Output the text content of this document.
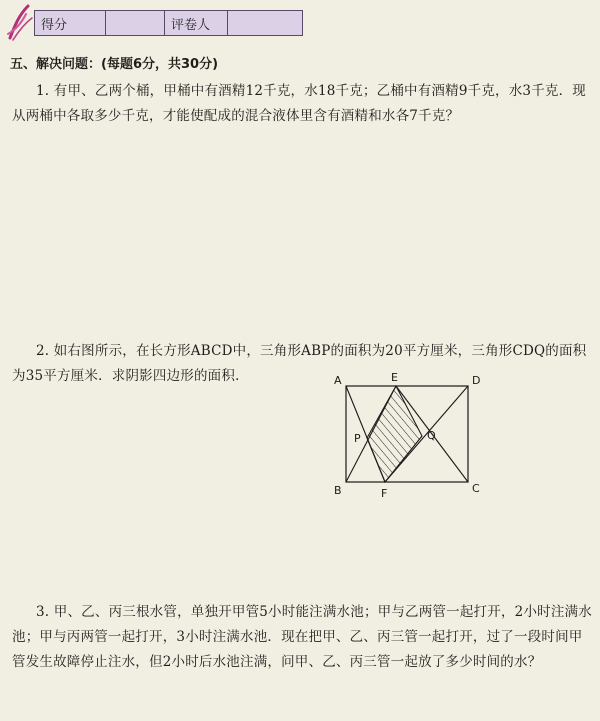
得分		评卷人	
五、解决问题：(每题6分，共30分)

1. 有甲、乙两个桶，甲桶中有酒精12千克，水18千克；乙桶中有酒精9千克，水3千克．现从两桶中各取多少千克，才能使配成的混合液体里含有酒精和水各7千克？

2. 如右图所示，在长方形ABCD中，三角形ABP的面积为20平方厘米，三角形CDQ的面积为35平方厘米．求阴影四边形的面积．	A	E	D
P	Q
B	F	C

3. 甲、乙、丙三根水管，单独开甲管5小时能注满水池；甲与乙两管一起打开，2小时注满水池；甲与丙两管一起打开，3小时注满水池．现在把甲、乙、丙三管一起打开，过了一段时间甲管发生故障停止注水，但2小时后水池注满，问甲、乙、丙三管一起放了多少时间的水？
